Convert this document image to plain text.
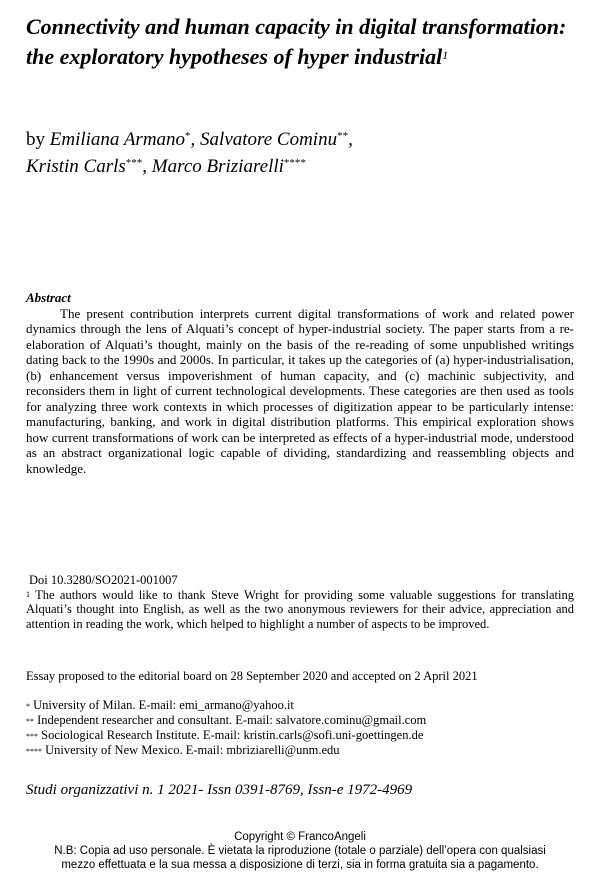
Connectivity and human capacity in digital transformation: the exploratory hypotheses of hyper industrial$^1$

by Emiliana Armano*, Salvatore Cominu**,
Kristin Carls***, Marco Briziarelli****

Abstract

The present contribution interprets current digital transformations of work and related power dynamics through the lens of Alquati’s concept of hyper-industrial society. The paper starts from a re-elaboration of Alquati’s thought, mainly on the basis of the re-reading of some unpublished writings dating back to the 1990s and 2000s. In particular, it takes up the categories of (a) hyper-industrialisation, (b) enhancement versus impoverishment of human capacity, and (c) machinic subjectivity, and reconsiders them in light of current technological developments. These categories are then used as tools for analyzing three work contexts in which processes of digitization appear to be particularly intense: manufacturing, banking, and work in digital distribution platforms. This empirical exploration shows how current transformations of work can be interpreted as effects of a hyper-industrial mode, understood as an abstract organizational logic capable of dividing, standardizing and reassembling objects and knowledge.

Doi 10.3280/SO2021-001007
$^1$ The authors would like to thank Steve Wright for providing some valuable suggestions for translating Alquati’s thought into English, as well as the two anonymous reviewers for their advice, appreciation and attention in reading the work, which helped to highlight a number of aspects to be improved.

Essay proposed to the editorial board on 28 September 2020 and accepted on 2 April 2021

* University of Milan. E-mail: emi_armano@yahoo.it
** Independent researcher and consultant. E-mail: salvatore.cominu@gmail.com
*** Sociological Research Institute. E-mail: kristin.carls@sofi.uni-goettingen.de
**** University of New Mexico. E-mail: mbriziarelli@unm.edu

Studi organizzativi n. 1 2021- Issn 0391-8769, Issn-e 1972-4969

Copyright © FrancoAngeli
N.B: Copia ad uso personale. È vietata la riproduzione (totale o parziale) dell’opera con qualsiasi
mezzo effettuata e la sua messa a disposizione di terzi, sia in forma gratuita sia a pagamento.
